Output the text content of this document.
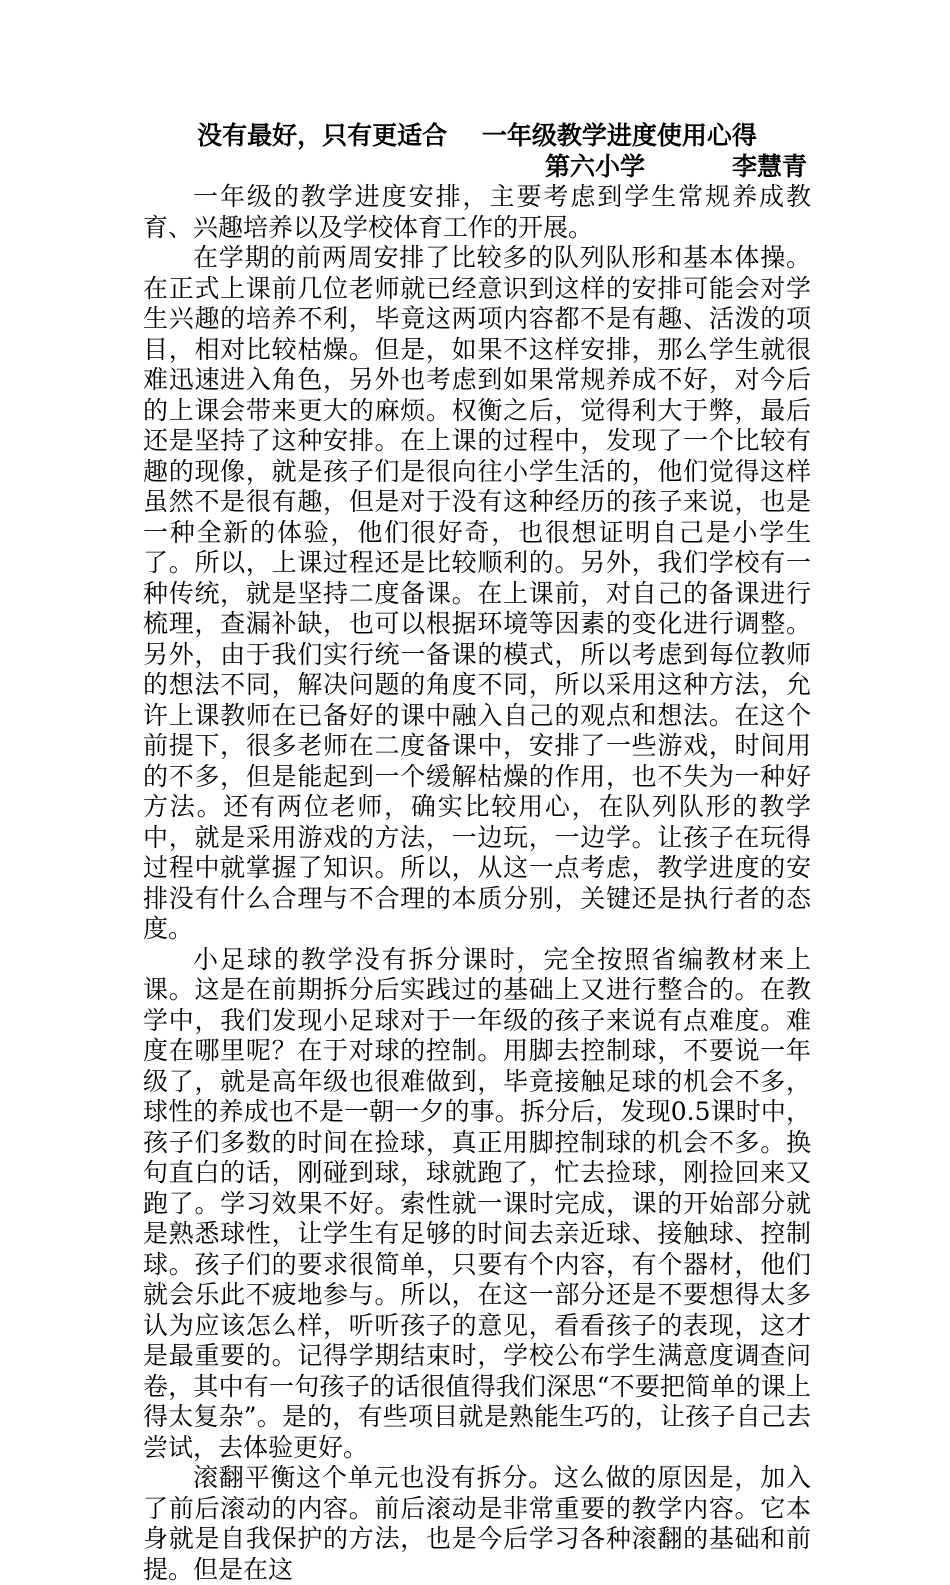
没有最好，只有更适合    一年级教学进度使用心得
第六小学          李慧青

一年级的教学进度安排，主要考虑到学生常规养成教育、兴趣培养以及学校体育工作的开展。

在学期的前两周安排了比较多的队列队形和基本体操。在正式上课前几位老师就已经意识到这样的安排可能会对学生兴趣的培养不利，毕竟这两项内容都不是有趣、活泼的项目，相对比较枯燥。但是，如果不这样安排，那么学生就很难迅速进入角色，另外也考虑到如果常规养成不好，对今后的上课会带来更大的麻烦。权衡之后，觉得利大于弊，最后还是坚持了这种安排。在上课的过程中，发现了一个比较有趣的现像，就是孩子们是很向往小学生活的，他们觉得这样虽然不是很有趣，但是对于没有这种经历的孩子来说，也是一种全新的体验，他们很好奇，也很想证明自己是小学生了。所以，上课过程还是比较顺利的。另外，我们学校有一种传统，就是坚持二度备课。在上课前，对自己的备课进行梳理，查漏补缺，也可以根据环境等因素的变化进行调整。另外，由于我们实行统一备课的模式，所以考虑到每位教师的想法不同，解决问题的角度不同，所以采用这种方法，允许上课教师在已备好的课中融入自己的观点和想法。在这个前提下，很多老师在二度备课中，安排了一些游戏，时间用的不多，但是能起到一个缓解枯燥的作用，也不失为一种好方法。还有两位老师，确实比较用心，在队列队形的教学中，就是采用游戏的方法，一边玩，一边学。让孩子在玩得过程中就掌握了知识。所以，从这一点考虑，教学进度的安排没有什么合理与不合理的本质分别，关键还是执行者的态度。

小足球的教学没有拆分课时，完全按照省编教材来上课。这是在前期拆分后实践过的基础上又进行整合的。在教学中，我们发现小足球对于一年级的孩子来说有点难度。难度在哪里呢？在于对球的控制。用脚去控制球，不要说一年级了，就是高年级也很难做到，毕竟接触足球的机会不多，球性的养成也不是一朝一夕的事。拆分后，发现0.5课时中，孩子们多数的时间在捡球，真正用脚控制球的机会不多。换句直白的话，刚碰到球，球就跑了，忙去捡球，刚捡回来又跑了。学习效果不好。索性就一课时完成，课的开始部分就是熟悉球性，让学生有足够的时间去亲近球、接触球、控制球。孩子们的要求很简单，只要有个内容，有个器材，他们就会乐此不疲地参与。所以，在这一部分还是不要想得太多认为应该怎么样，听听孩子的意见，看看孩子的表现，这才是最重要的。记得学期结束时，学校公布学生满意度调查问卷，其中有一句孩子的话很值得我们深思“不要把简单的课上得太复杂”。是的，有些项目就是熟能生巧的，让孩子自己去尝试，去体验更好。

滚翻平衡这个单元也没有拆分。这么做的原因是，加入了前后滚动的内容。前后滚动是非常重要的教学内容。它本身就是自我保护的方法，也是今后学习各种滚翻的基础和前提。但是在这
